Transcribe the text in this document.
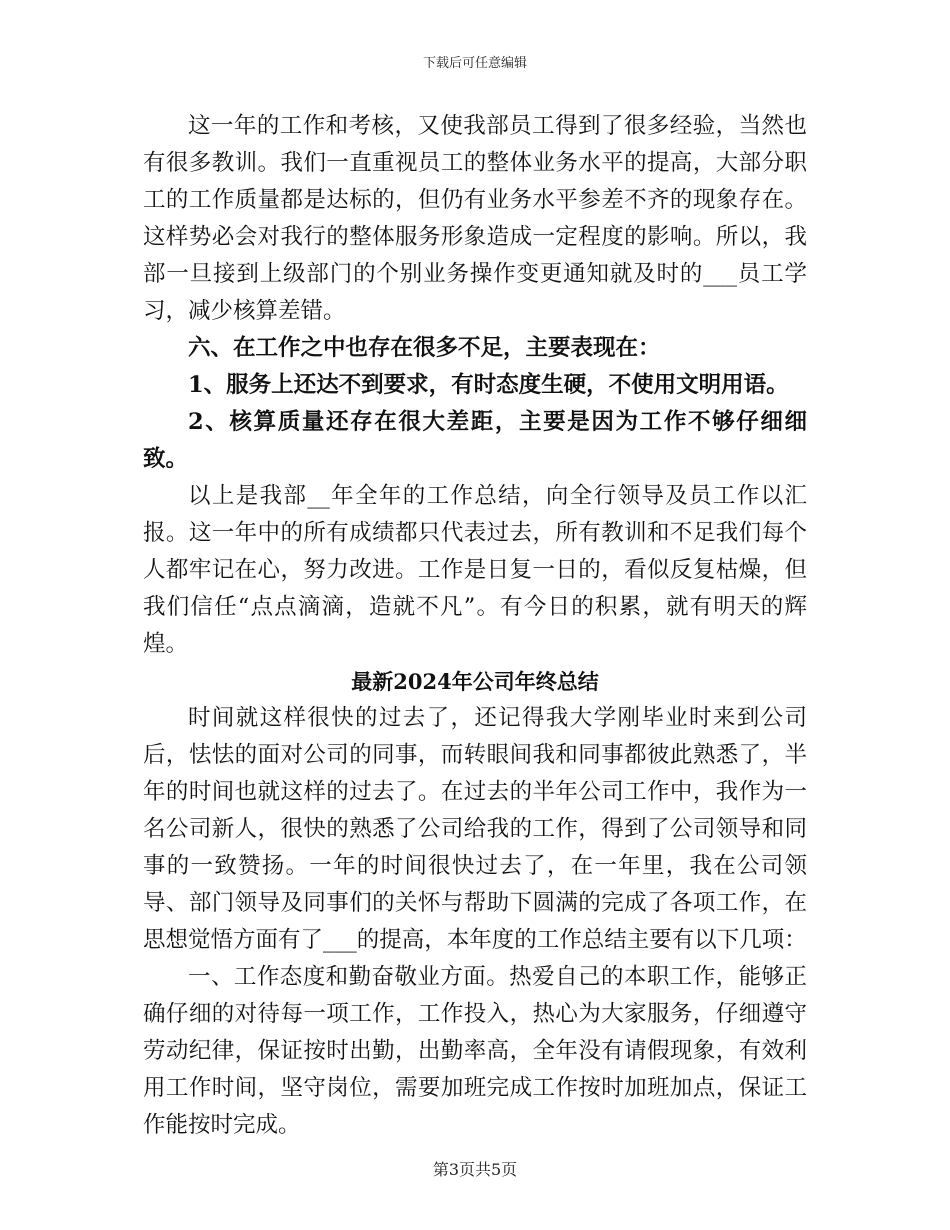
下载后可任意编辑

这一年的工作和考核，又使我部员工得到了很多经验，当然也有很多教训。我们一直重视员工的整体业务水平的提高，大部分职工的工作质量都是达标的，但仍有业务水平参差不齐的现象存在。这样势必会对我行的整体服务形象造成一定程度的影响。所以，我部一旦接到上级部门的个别业务操作变更通知就及时的___员工学习，减少核算差错。

六、在工作之中也存在很多不足，主要表现在：

1、服务上还达不到要求，有时态度生硬，不使用文明用语。

2、核算质量还存在很大差距，主要是因为工作不够仔细细致。

以上是我部__年全年的工作总结，向全行领导及员工作以汇报。这一年中的所有成绩都只代表过去，所有教训和不足我们每个人都牢记在心，努力改进。工作是日复一日的，看似反复枯燥，但我们信任“点点滴滴，造就不凡”。有今日的积累，就有明天的辉煌。

最新2024年公司年终总结

时间就这样很快的过去了，还记得我大学刚毕业时来到公司后，怯怯的面对公司的同事，而转眼间我和同事都彼此熟悉了，半年的时间也就这样的过去了。在过去的半年公司工作中，我作为一名公司新人，很快的熟悉了公司给我的工作，得到了公司领导和同事的一致赞扬。一年的时间很快过去了，在一年里，我在公司领导、部门领导及同事们的关怀与帮助下圆满的完成了各项工作，在思想觉悟方面有了___的提高，本年度的工作总结主要有以下几项：

一、工作态度和勤奋敬业方面。热爱自己的本职工作，能够正确仔细的对待每一项工作，工作投入，热心为大家服务，仔细遵守劳动纪律，保证按时出勤，出勤率高，全年没有请假现象，有效利用工作时间，坚守岗位，需要加班完成工作按时加班加点，保证工作能按时完成。

第3页共5页
